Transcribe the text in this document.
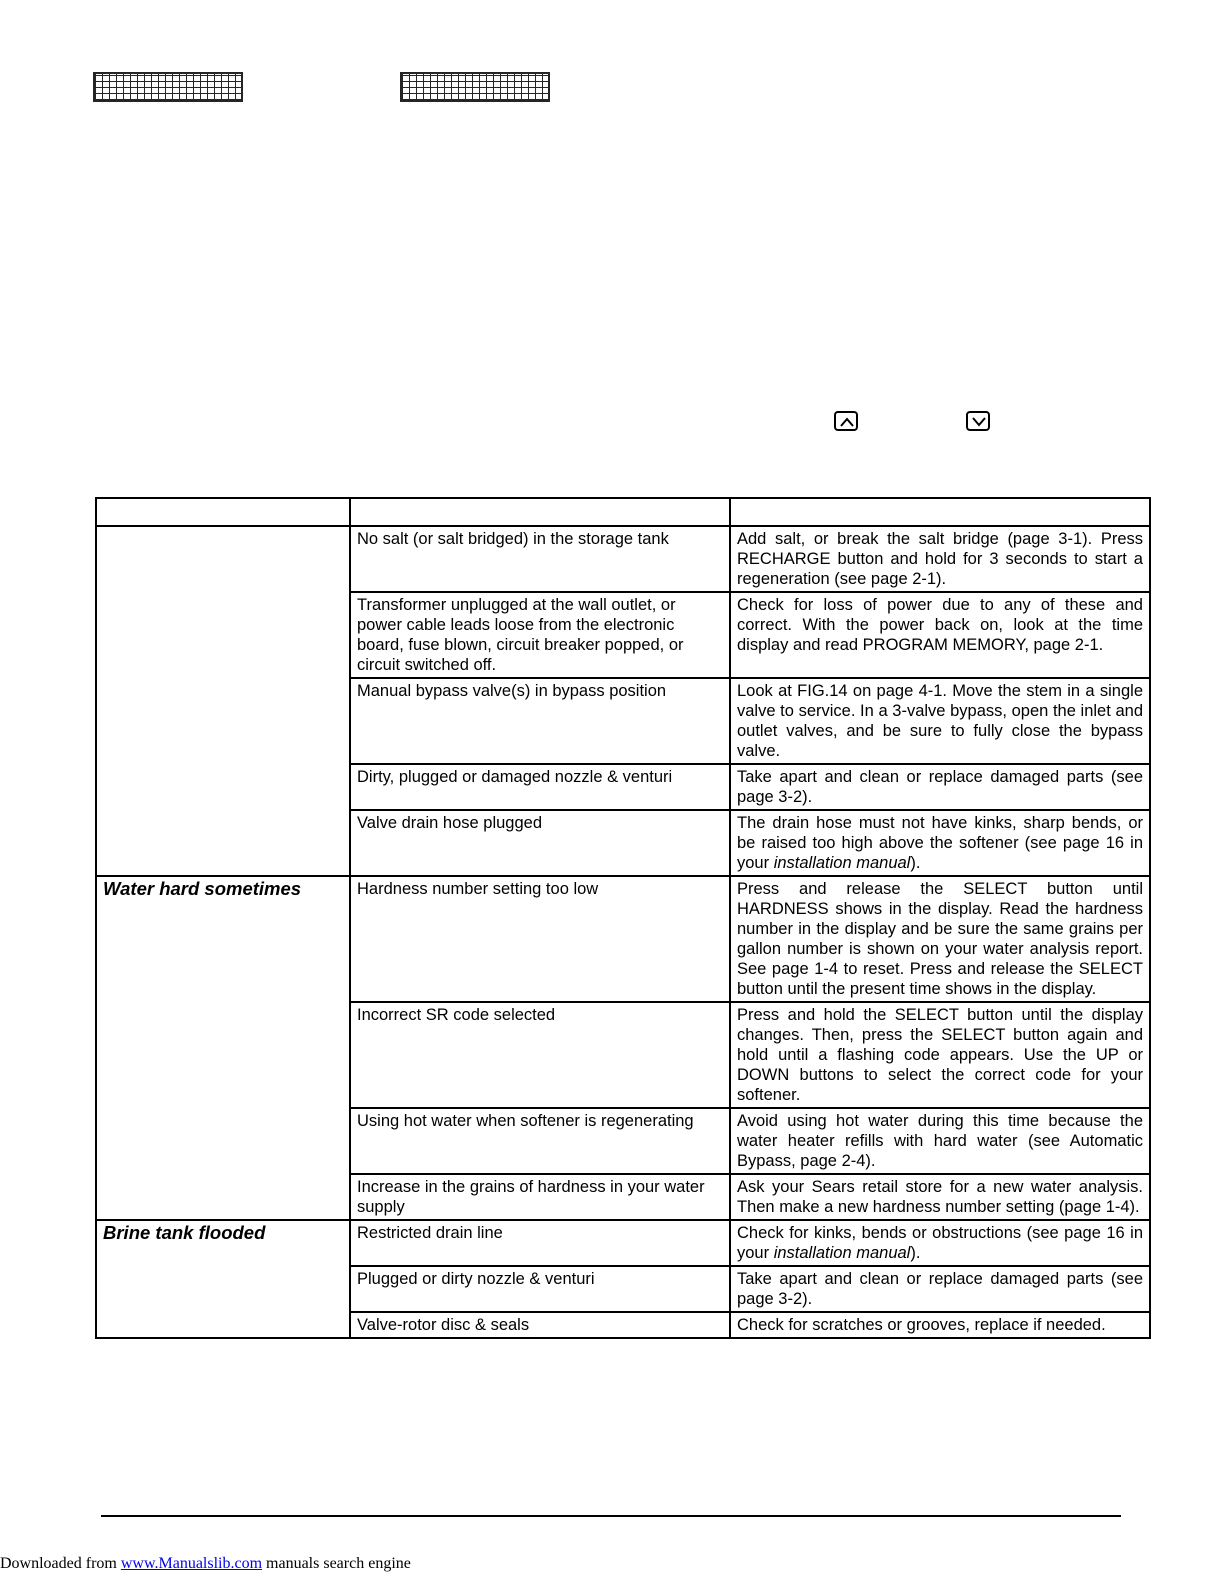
	No salt (or salt bridged) in the storage tank	Add salt, or break the salt bridge (page 3-1). Press RECHARGE button and hold for 3 seconds to start a regeneration (see page 2-1).
	Transformer unplugged at the wall outlet, or power cable leads loose from the electronic board, fuse blown, circuit breaker popped, or circuit switched off.	Check for loss of power due to any of these and correct. With the power back on, look at the time display and read PROGRAM MEMORY, page 2-1.
	Manual bypass valve(s) in bypass position	Look at FIG.14 on page 4-1. Move the stem in a single valve to service. In a 3-valve bypass, open the inlet and outlet valves, and be sure to fully close the bypass valve.
	Dirty, plugged or damaged nozzle & venturi	Take apart and clean or replace damaged parts (see page 3-2).
	Valve drain hose plugged	The drain hose must not have kinks, sharp bends, or be raised too high above the softener (see page 16 in your installation manual).
Water hard sometimes	Hardness number setting too low	Press and release the SELECT button until HARDNESS shows in the display. Read the hardness number in the display and be sure the same grains per gallon number is shown on your water analysis report. See page 1-4 to reset. Press and release the SELECT button until the present time shows in the display.
	Incorrect SR code selected	Press and hold the SELECT button until the display changes. Then, press the SELECT button again and hold until a flashing code appears. Use the UP or DOWN buttons to select the correct code for your softener.
	Using hot water when softener is regenerating	Avoid using hot water during this time because the water heater refills with hard water (see Automatic Bypass, page 2-4).
	Increase in the grains of hardness in your water supply	Ask your Sears retail store for a new water analysis. Then make a new hardness number setting (page 1-4).
Brine tank flooded	Restricted drain line	Check for kinks, bends or obstructions (see page 16 in your installation manual).
	Plugged or dirty nozzle & venturi	Take apart and clean or replace damaged parts (see page 3-2).
	Valve-rotor disc & seals	Check for scratches or grooves, replace if needed.
Downloaded from www.Manualslib.com manuals search engine
